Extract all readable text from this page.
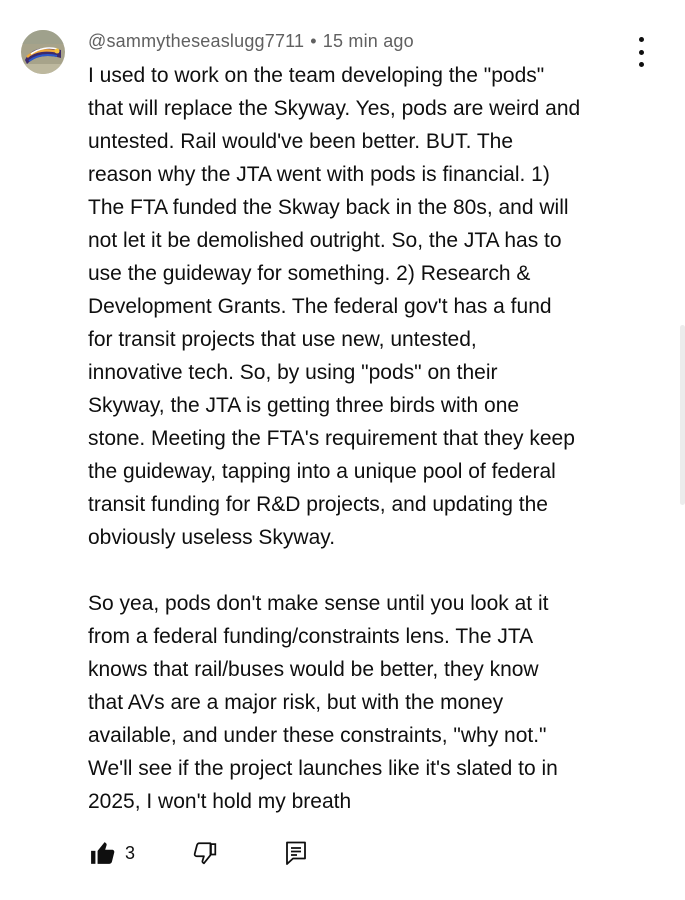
@sammytheseaslugg7711 • 15 min ago

I used to work on the team developing the "pods"
that will replace the Skyway. Yes, pods are weird and
untested. Rail would've been better. BUT. The
reason why the JTA went with pods is financial. 1)
The FTA funded the Skway back in the 80s, and will
not let it be demolished outright. So, the JTA has to
use the guideway for something. 2) Research &
Development Grants. The federal gov't has a fund
for transit projects that use new, untested,
innovative tech. So, by using "pods" on their
Skyway, the JTA is getting three birds with one
stone. Meeting the FTA's requirement that they keep
the guideway, tapping into a unique pool of federal
transit funding for R&D projects, and updating the
obviously useless Skyway.

So yea, pods don't make sense until you look at it
from a federal funding/constraints lens. The JTA
knows that rail/buses would be better, they know
that AVs are a major risk, but with the money
available, and under these constraints, "why not."
We'll see if the project launches like it's slated to in
2025, I won't hold my breath

3
